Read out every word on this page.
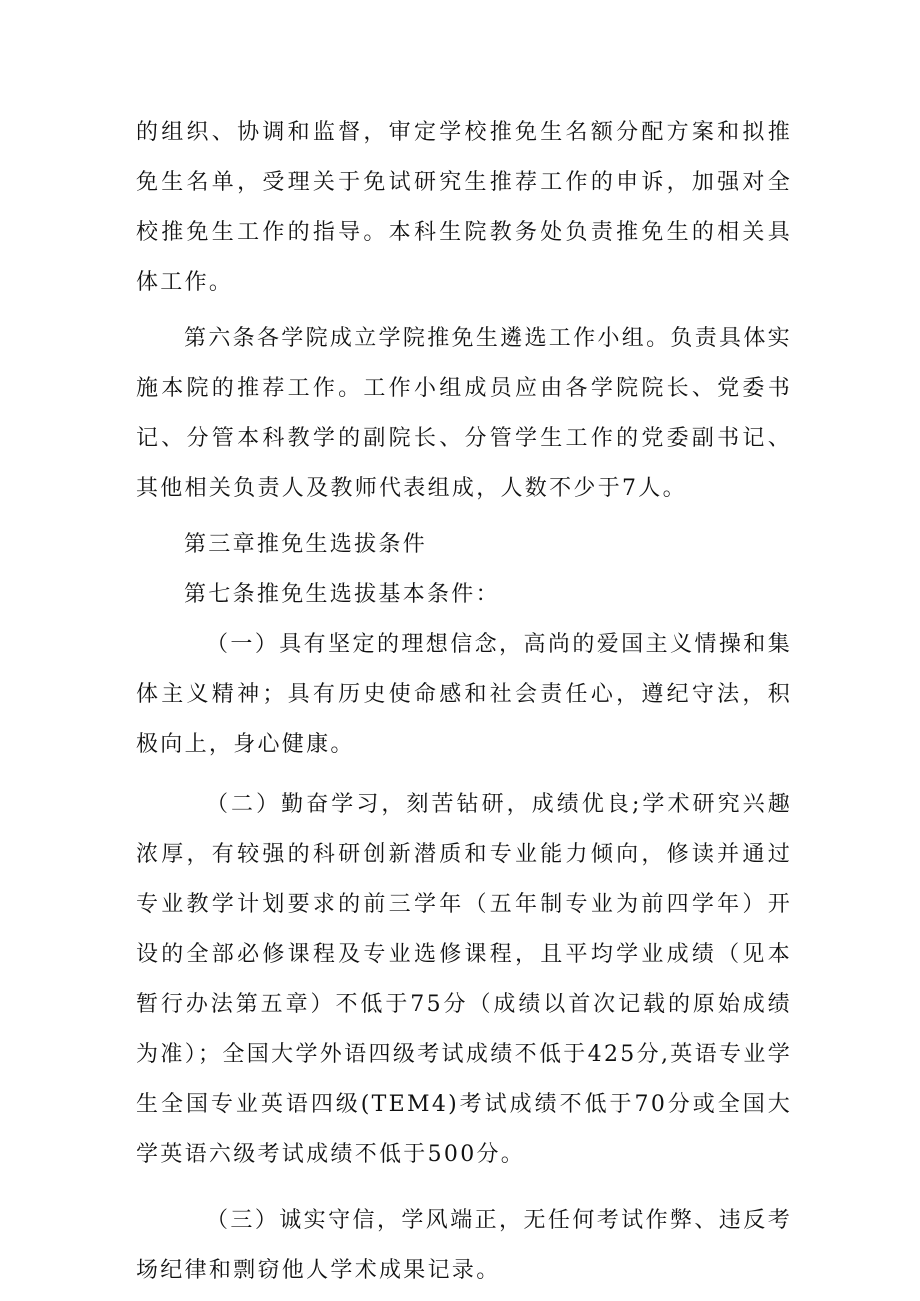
的组织、协调和监督，审定学校推免生名额分配方案和拟推免生名单，受理关于免试研究生推荐工作的申诉，加强对全校推免生工作的指导。本科生院教务处负责推免生的相关具体工作。

第六条各学院成立学院推免生遴选工作小组。负责具体实施本院的推荐工作。工作小组成员应由各学院院长、党委书记、分管本科教学的副院长、分管学生工作的党委副书记、其他相关负责人及教师代表组成，人数不少于7人。

第三章推免生选拔条件

第七条推免生选拔基本条件：

（一）具有坚定的理想信念，高尚的爱国主义情操和集体主义精神；具有历史使命感和社会责任心，遵纪守法，积极向上，身心健康。

（二）勤奋学习，刻苦钻研，成绩优良;学术研究兴趣浓厚，有较强的科研创新潜质和专业能力倾向，修读并通过专业教学计划要求的前三学年（五年制专业为前四学年）开设的全部必修课程及专业选修课程，且平均学业成绩（见本暂行办法第五章）不低于75分（成绩以首次记载的原始成绩为准）；全国大学外语四级考试成绩不低于425分,英语专业学生全国专业英语四级(TEM4)考试成绩不低于70分或全国大学英语六级考试成绩不低于500分。

（三）诚实守信，学风端正，无任何考试作弊、违反考场纪律和剽窃他人学术成果记录。
